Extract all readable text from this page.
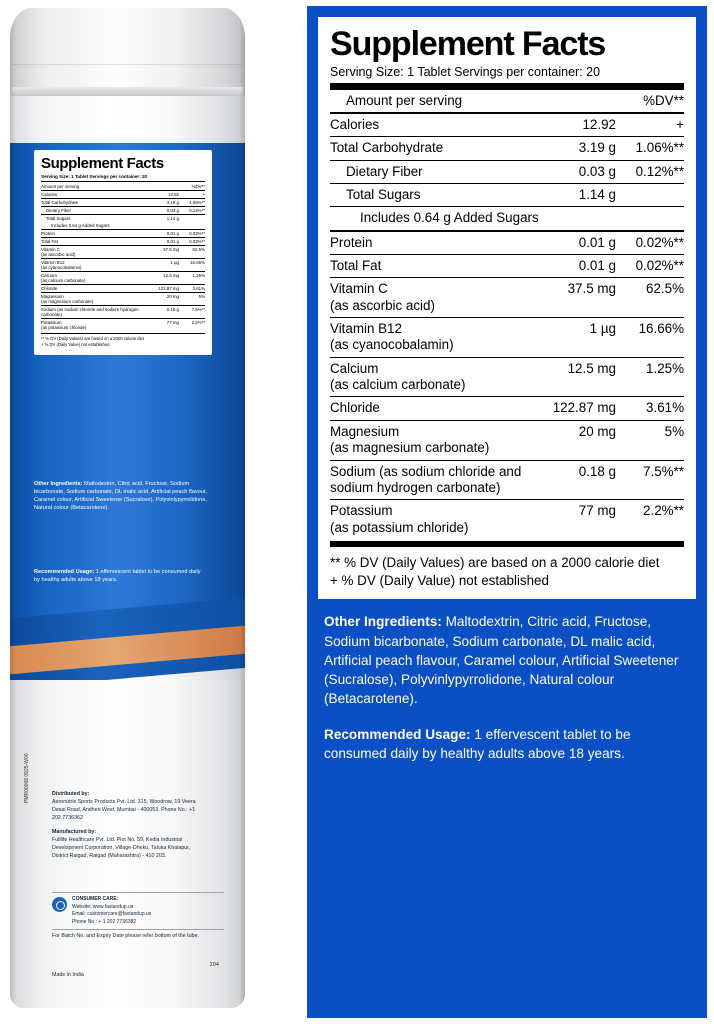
Supplement Facts
Serving Size: 1 Tablet Servings per container: 20
Amount per serving		%DV**
Calories	12.92	+
Total Carbohydrate	3.19 g	1.06%**
Dietary Fiber	0.03 g	0.12%**
Total Sugars	1.14 g	
Includes 0.64 g Added Sugars		
Protein	0.01 g	0.02%**
Total Fat	0.01 g	0.02%**
Vitamin C
(as ascorbic acid)	37.5 mg	62.5%
Vitamin B12
(as cyanocobalamin)	1 µg	16.66%
Calcium
(as calcium carbonate)	12.5 mg	1.25%
Chloride	122.87 mg	3.61%
Magnesium
(as magnesium carbonate)	20 mg	5%
Sodium (as sodium chloride and sodium hydrogen carbonate)	0.18 g	7.5%**
Potassium
(as potassium chloride)	77 mg	2.2%**
** % DV (Daily Values) are based on a 2000 calorie diet
+ % DV (Daily Value) not established
Other Ingredients: Maltodextrin, Citric acid, Fructose, Sodium bicarbonate, Sodium carbonate, DL malic acid, Artificial peach flavour, Caramel colour, Artificial Sweetener (Sucralose), Polyvinlypyrrolidone, Natural colour (Betacarotene).
Recommended Usage: 1 effervescent tablet to be consumed daily by healthy adults above 18 years.
Distributed by:
Aeronutrix Sports Products Pvt. Ltd. 315, Woodrow, 19 Veera Desai Road, Andheri West, Mumbai - 400053. Phone No.: +1 202 7736362
Manufactured by:
Fulllife Healthcare Pvt. Ltd. Plot No. 59, Kedia Industrial Development Corporation, Village-Dheku, Taluka Khalapur, District Raigad, Raigad (Maharashtra) - 410 203.
PMR00008 0925-W00
CONSUMER CARE:
Website: www.fastandup.us
Email: customercare@fastandup.us
Phone No : + 1 202 7736382
For Batch No. and Expiry Date please refer bottom of the tube.
Made in India
204
Supplement Facts
Serving Size: 1 Tablet Servings per container: 20
Amount per serving		%DV**
Calories	12.92	+
Total Carbohydrate	3.19 g	1.06%**
Dietary Fiber	0.03 g	0.12%**
Total Sugars	1.14 g	
Includes 0.64 g Added Sugars		
Protein	0.01 g	0.02%**
Total Fat	0.01 g	0.02%**
Vitamin C
(as ascorbic acid)	37.5 mg	62.5%
Vitamin B12
(as cyanocobalamin)	1 µg	16.66%
Calcium
(as calcium carbonate)	12.5 mg	1.25%
Chloride	122.87 mg	3.61%
Magnesium
(as magnesium carbonate)	20 mg	5%
Sodium (as sodium chloride and sodium hydrogen carbonate)	0.18 g	7.5%**
Potassium
(as potassium chloride)	77 mg	2.2%**
** % DV (Daily Values) are based on a 2000 calorie diet
+ % DV (Daily Value) not established
Other Ingredients: Maltodextrin, Citric acid, Fructose, Sodium bicarbonate, Sodium carbonate, DL malic acid, Artificial peach flavour, Caramel colour, Artificial Sweetener (Sucralose), Polyvinlypyrrolidone, Natural colour (Betacarotene).
Recommended Usage: 1 effervescent tablet to be consumed daily by healthy adults above 18 years.
